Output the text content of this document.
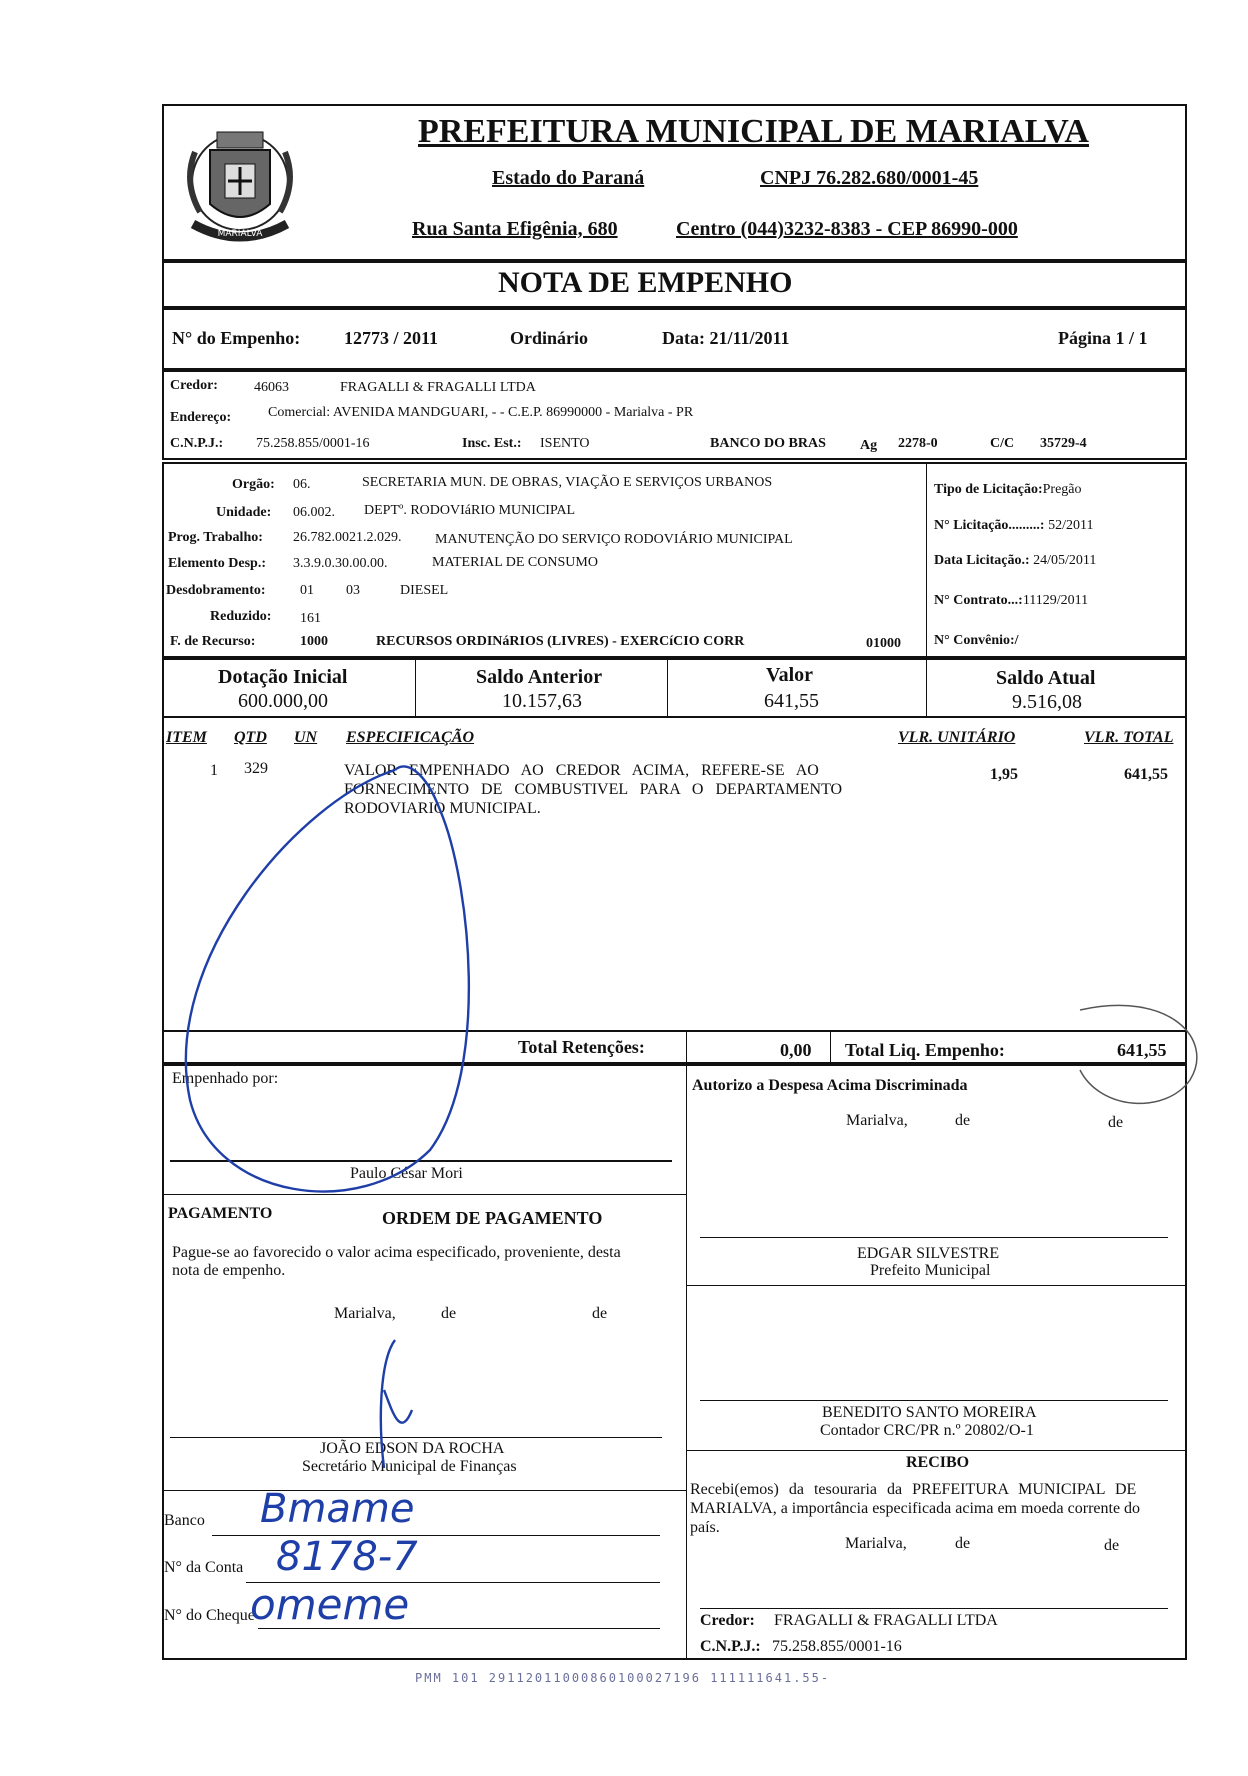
MARIALVA
PREFEITURA MUNICIPAL DE MARIALVA
Estado do Paraná	CNPJ 76.282.680/0001-45
Rua Santa Efigênia, 680	Centro (044)3232-8383 - CEP 86990-000
NOTA DE EMPENHO
N° do Empenho: 12773 / 2011	Ordinário	Data: 21/11/2011	Página 1 / 1
Credor:	46063	FRAGALLI & FRAGALLI LTDA
Endereço:	Comercial: AVENIDA MANDGUARI, - - C.E.P. 86990000 - Marialva - PR
C.N.P.J.: 75.258.855/0001-16	Insc. Est.: ISENTO	BANCO DO BRAS Ag 2278-0	C/C 35729-4
Orgão: 06.	SECRETARIA MUN. DE OBRAS, VIAÇÃO E SERVIÇOS URBANOS
Unidade: 06.002. DEPTº. RODOVIáRIO MUNICIPAL
Prog. Trabalho: 26.782.0021.2.029. MANUTENÇÃO DO SERVIÇO RODOVIÁRIO MUNICIPAL
Elemento Desp.: 3.3.9.0.30.00.00.	MATERIAL DE CONSUMO
Desdobramento: 01 03	DIESEL
Reduzido: 161
F. de Recurso:	1000	RECURSOS ORDINáRIOS (LIVRES) - EXERCíCIO CORR	01000
Tipo de Licitação:Pregão
N° Licitação.........: 52/2011
Data Licitação.: 24/05/2011
N° Contrato...:11129/2011
N° Convênio:/
Dotação Inicial
600.000,00
Saldo Anterior
10.157,63
Valor
641,55
Saldo Atual
9.516,08
ITEM QTD UN ESPECIFICAÇÃO	VLR. UNITÁRIO	VLR. TOTAL
1 329	VALOR EMPENHADO AO CREDOR ACIMA, REFERE-SE AO
FORNECIMENTO DE COMBUSTIVEL PARA O DEPARTAMENTO
RODOVIARIO MUNICIPAL.
1,95	641,55
Total Retenções:	0,00 Total Liq. Empenho:	641,55
Empenhado por:
Paulo César Mori
Autorizo a Despesa Acima Discriminada
Marialva,	de	de
PAGAMENTO	ORDEM DE PAGAMENTO
Pague-se ao favorecido o valor acima especificado, proveniente, desta
nota de empenho.
Marialva,	de	de
EDGAR SILVESTRE
Prefeito Municipal
BENEDITO SANTO MOREIRA
Contador CRC/PR n.º 20802/O-1
JOÃO EDSON DA ROCHA
Secretário Municipal de Finanças	RECIBO
Recebi(emos) da tesouraria da PREFEITURA MUNICIPAL DE
MARIALVA, a importância especificada acima em moeda corrente do
país.
Marialva,	de	de
Banco Bmame
N° da Conta 8178-7
N° do Cheque
omeme	Credor: FRAGALLI & FRAGALLI LTDA
C.N.P.J.: 75.258.855/0001-16
PMM 101 29112011000860100027196 111111641.55-
